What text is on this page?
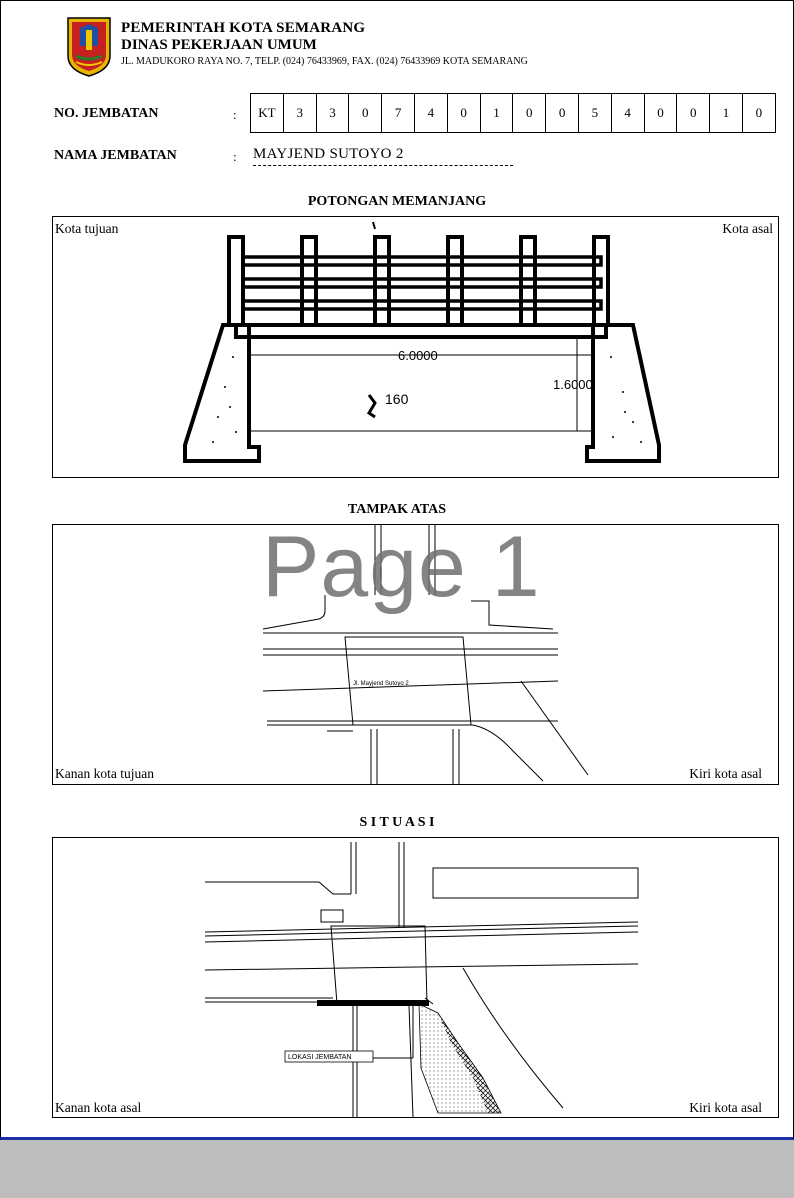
PEMERINTAH KOTA SEMARANG
DINAS PEKERJAAN UMUM
JL. MADUKORO RAYA NO. 7, TELP. (024) 76433969, FAX. (024) 76433969 KOTA SEMARANG
NO. JEMBATAN	: KT	3	3	0	7	4	0	1	0	0	5	4	0	0	1	0
NAMA JEMBATAN	: MAYJEND SUTOYO 2
POTONGAN MEMANJANG
Kota tujuan	Kota asal
6.0000
1.6000
160
TAMPAK ATAS
Jl. Mayjend Sutoyo 2
Kanan kota tujuan	Kiri kota asal
S I T U A S I
LOKASI JEMBATAN
Kanan kota asal	Kiri kota asal
Page 1
